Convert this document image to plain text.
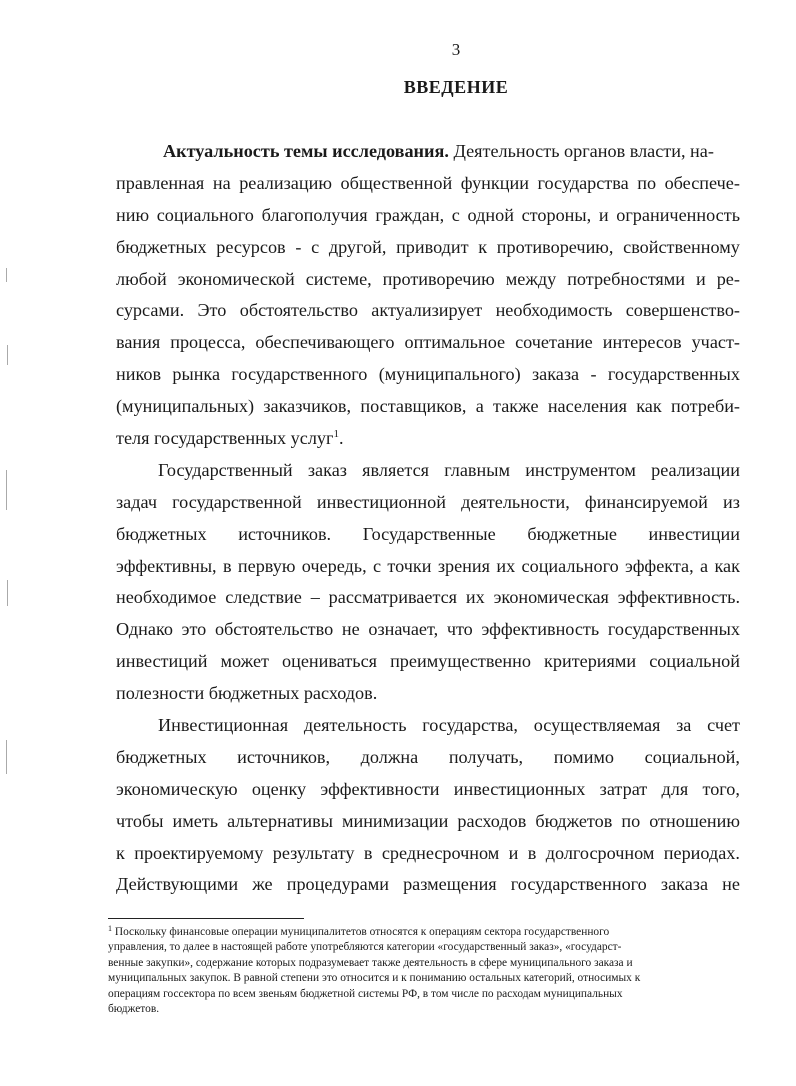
3
ВВЕДЕНИЕ
Актуальность темы исследования. Деятельность органов власти, на-
правленная на реализацию общественной функции государства по обеспече-
нию социального благополучия граждан, с одной стороны, и ограниченность
бюджетных ресурсов - с другой, приводит к противоречию, свойственному
любой экономической системе, противоречию между потребностями и ре-
сурсами. Это обстоятельство актуализирует необходимость совершенство-
вания процесса, обеспечивающего оптимальное сочетание интересов участ-
ников рынка государственного (муниципального) заказа - государственных
(муниципальных) заказчиков, поставщиков, а также населения как потреби-
теля государственных услуг$^1$.
Государственный заказ является главным инструментом реализации
задач государственной инвестиционной деятельности, финансируемой из
бюджетных источников. Государственные бюджетные инвестиции
эффективны, в первую очередь, с точки зрения их социального эффекта, а как
необходимое следствие – рассматривается их экономическая эффективность.
Однако это обстоятельство не означает, что эффективность государственных
инвестиций может оцениваться преимущественно критериями социальной
полезности бюджетных расходов.
Инвестиционная деятельность государства, осуществляемая за счет
бюджетных источников, должна получать, помимо социальной,
экономическую оценку эффективности инвестиционных затрат для того,
чтобы иметь альтернативы минимизации расходов бюджетов по отношению
к проектируемому результату в среднесрочном и в долгосрочном периодах.
Действующими же процедурами размещения государственного заказа не
$^1$ Поскольку финансовые операции муниципалитетов относятся к операциям сектора государственного
управления, то далее в настоящей работе употребляются категории «государственный заказ», «государст-
венные закупки», содержание которых подразумевает также деятельность в сфере муниципального заказа и
муниципальных закупок. В равной степени это относится и к пониманию остальных категорий, относимых к
операциям госсектора по всем звеньям бюджетной системы РФ, в том числе по расходам муниципальных
бюджетов.
